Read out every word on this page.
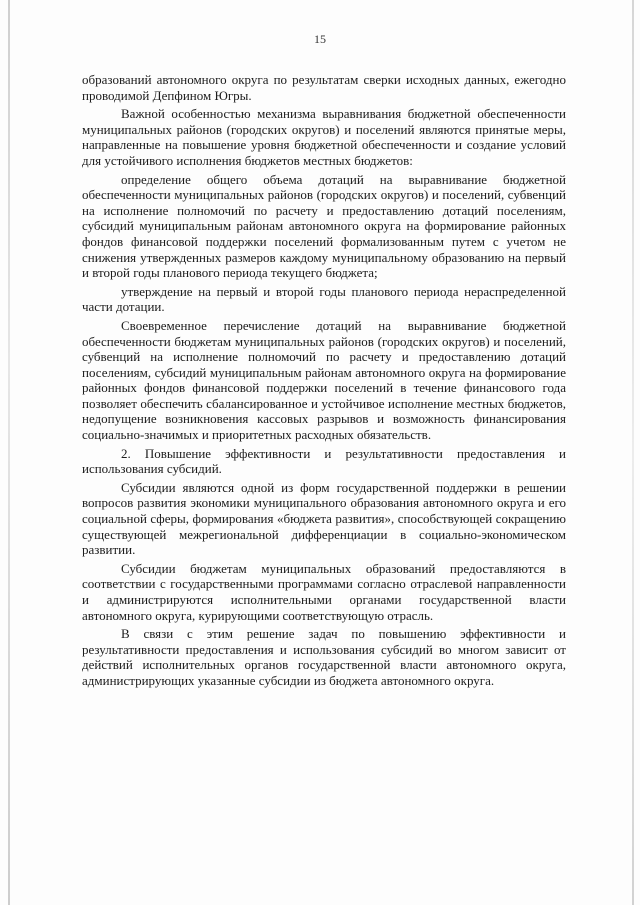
15

образований автономного округа по результатам сверки исходных данных, ежегодно проводимой Депфином Югры.

Важной особенностью механизма выравнивания бюджетной обеспеченности муниципальных районов (городских округов) и поселений являются принятые меры, направленные на повышение уровня бюджетной обеспеченности и создание условий для устойчивого исполнения бюджетов местных бюджетов:

определение общего объема дотаций на выравнивание бюджетной обеспеченности муниципальных районов (городских округов) и поселений, субвенций на исполнение полномочий по расчету и предоставлению дотаций поселениям, субсидий муниципальным районам автономного округа на формирование районных фондов финансовой поддержки поселений формализованным путем с учетом не снижения утвержденных размеров каждому муниципальному образованию на первый и второй годы планового периода текущего бюджета;

утверждение на первый и второй годы планового периода нераспределенной части дотации.

Своевременное перечисление дотаций на выравнивание бюджетной обеспеченности бюджетам муниципальных районов (городских округов) и поселений, субвенций на исполнение полномочий по расчету и предоставлению дотаций поселениям, субсидий муниципальным районам автономного округа на формирование районных фондов финансовой поддержки поселений в течение финансового года позволяет обеспечить сбалансированное и устойчивое исполнение местных бюджетов, недопущение возникновения кассовых разрывов и возможность финансирования социально-значимых и приоритетных расходных обязательств.

2. Повышение эффективности и результативности предоставления и использования субсидий.

Субсидии являются одной из форм государственной поддержки в решении вопросов развития экономики муниципального образования автономного округа и его социальной сферы, формирования «бюджета развития», способствующей сокращению существующей межрегиональной дифференциации в социально-экономическом развитии.

Субсидии бюджетам муниципальных образований предоставляются в соответствии с государственными программами согласно отраслевой направленности и администрируются исполнительными органами государственной власти автономного округа, курирующими соответствующую отрасль.

В связи с этим решение задач по повышению эффективности и результативности предоставления и использования субсидий во многом зависит от действий исполнительных органов государственной власти автономного округа, администрирующих указанные субсидии из бюджета автономного округа.
